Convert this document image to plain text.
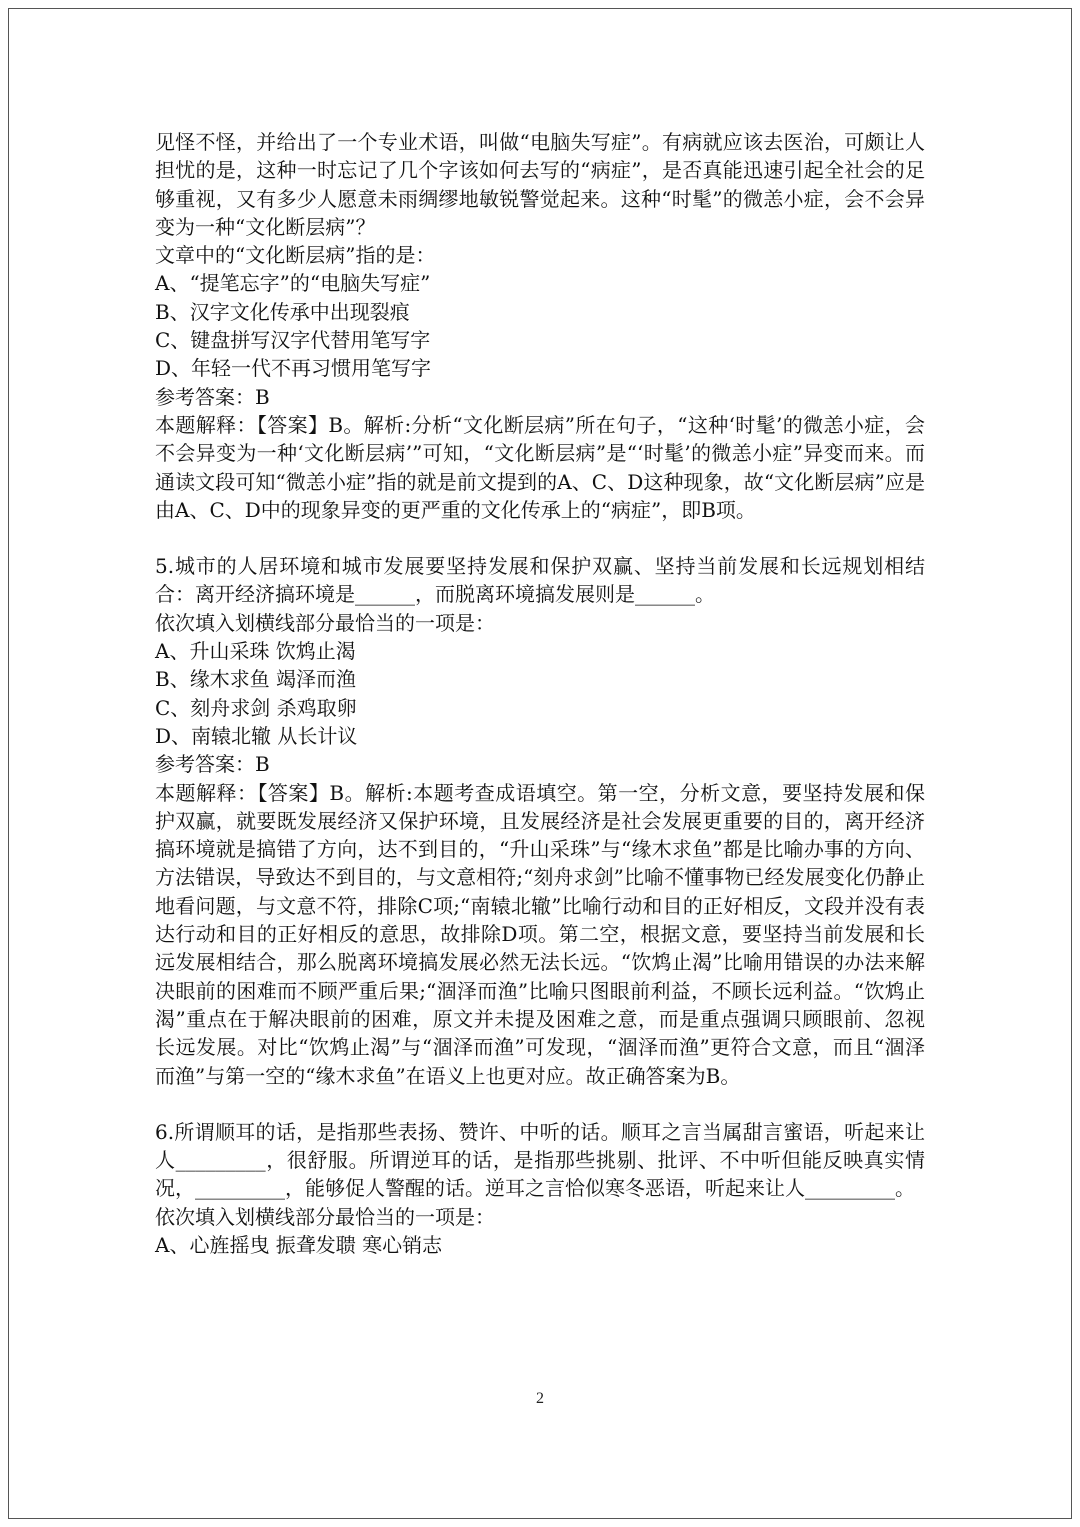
见怪不怪，并给出了一个专业术语，叫做“电脑失写症”。有病就应该去医治，可颇让人担忧的是，这种一时忘记了几个字该如何去写的“病症”，是否真能迅速引起全社会的足够重视，又有多少人愿意未雨绸缪地敏锐警觉起来。这种“时髦”的微恙小症，会不会异变为一种“文化断层病”？

文章中的“文化断层病”指的是：

A、“提笔忘字”的“电脑失写症”

B、汉字文化传承中出现裂痕

C、键盘拼写汉字代替用笔写字

D、年轻一代不再习惯用笔写字

参考答案：B

本题解释：【答案】B。解析:分析“文化断层病”所在句子，“这种‘时髦’的微恙小症，会不会异变为一种‘文化断层病’”可知，“文化断层病”是“‘时髦’的微恙小症”异变而来。而通读文段可知“微恙小症”指的就是前文提到的A、C、D这种现象，故“文化断层病”应是由A、C、D中的现象异变的更严重的文化传承上的“病症”，即B项。

5.城市的人居环境和城市发展要坚持发展和保护双赢、坚持当前发展和长远规划相结合：离开经济搞环境是______，而脱离环境搞发展则是______。

依次填入划横线部分最恰当的一项是：

A、升山采珠 饮鸩止渴

B、缘木求鱼 竭泽而渔

C、刻舟求剑 杀鸡取卵

D、南辕北辙 从长计议

参考答案：B

本题解释：【答案】B。解析:本题考查成语填空。第一空，分析文意，要坚持发展和保护双赢，就要既发展经济又保护环境，且发展经济是社会发展更重要的目的，离开经济搞环境就是搞错了方向，达不到目的，“升山采珠”与“缘木求鱼”都是比喻办事的方向、方法错误，导致达不到目的，与文意相符;“刻舟求剑”比喻不懂事物已经发展变化仍静止地看问题，与文意不符，排除C项;“南辕北辙”比喻行动和目的正好相反，文段并没有表达行动和目的正好相反的意思，故排除D项。第二空，根据文意，要坚持当前发展和长远发展相结合，那么脱离环境搞发展必然无法长远。“饮鸩止渴”比喻用错误的办法来解决眼前的困难而不顾严重后果;“涸泽而渔”比喻只图眼前利益，不顾长远利益。“饮鸩止渴”重点在于解决眼前的困难，原文并未提及困难之意，而是重点强调只顾眼前、忽视长远发展。对比“饮鸩止渴”与“涸泽而渔”可发现，“涸泽而渔”更符合文意，而且“涸泽而渔”与第一空的“缘木求鱼”在语义上也更对应。故正确答案为B。

6.所谓顺耳的话，是指那些表扬、赞许、中听的话。顺耳之言当属甜言蜜语，听起来让人_________，很舒服。所谓逆耳的话，是指那些挑剔、批评、不中听但能反映真实情况，_________，能够促人警醒的话。逆耳之言恰似寒冬恶语，听起来让人_________。

依次填入划横线部分最恰当的一项是：

A、心旌摇曳 振聋发聩 寒心销志

2
